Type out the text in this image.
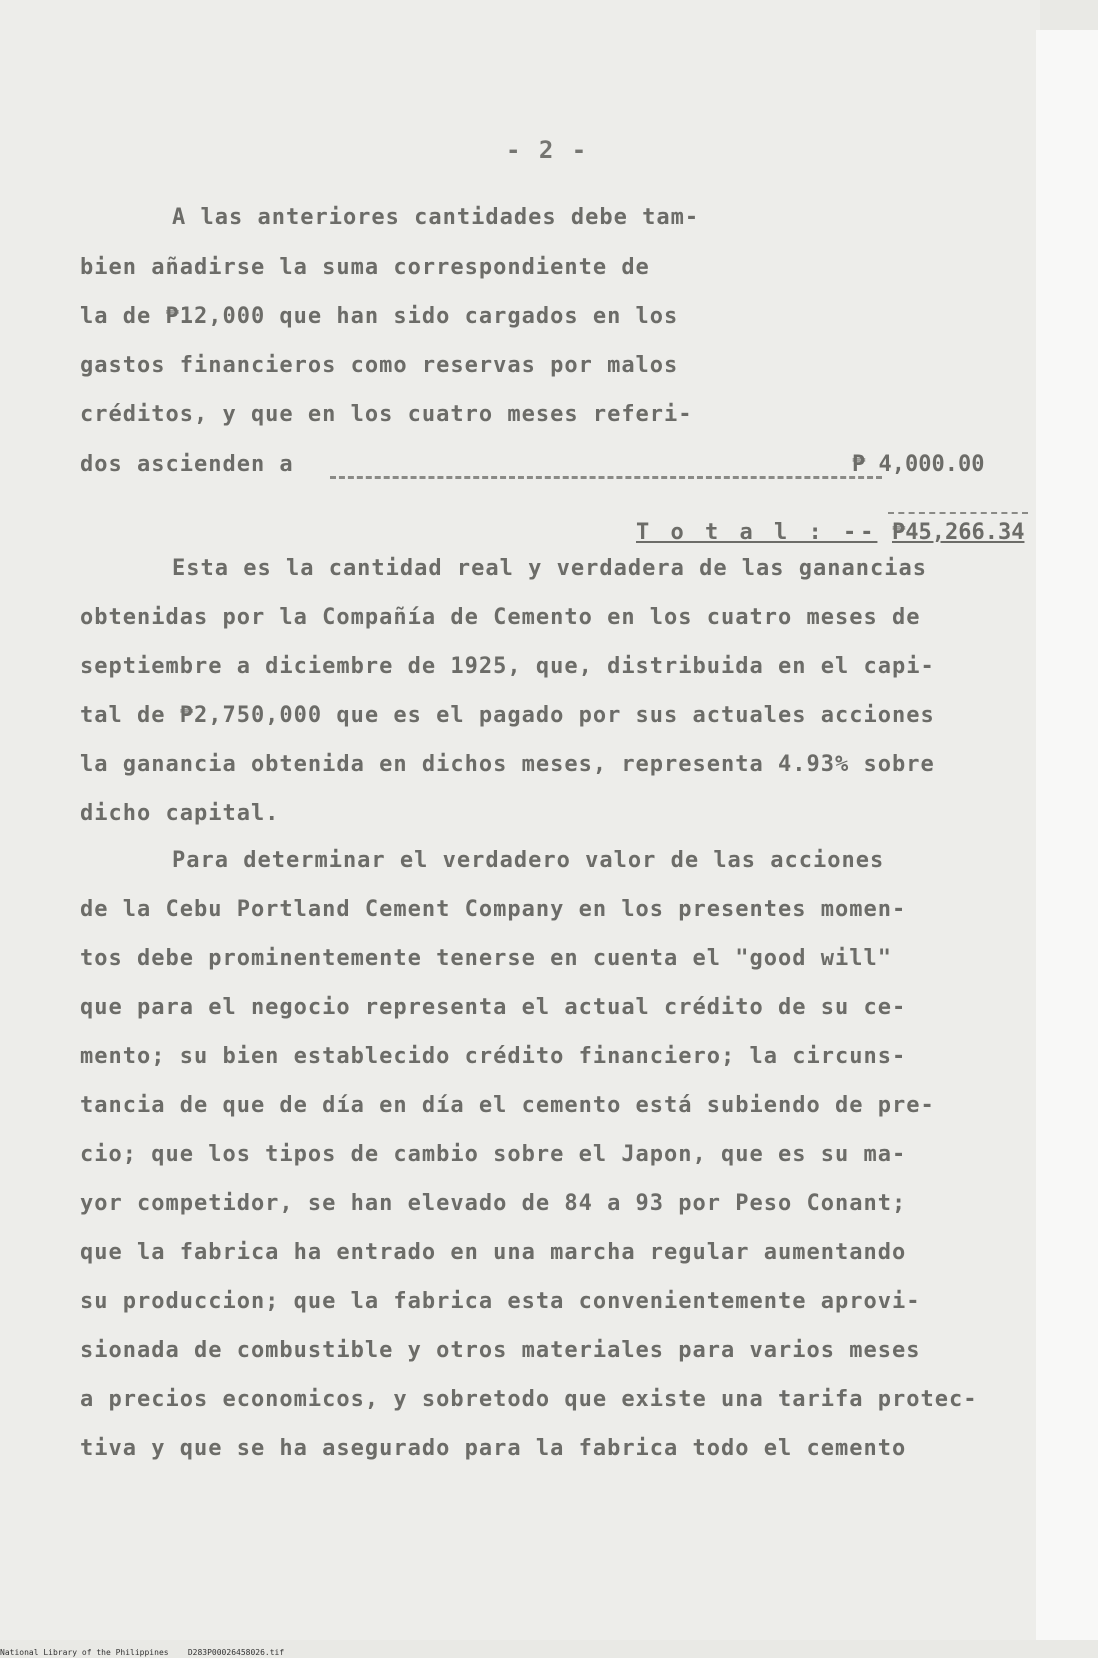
- 2 -
A las anteriores cantidades debe tam-
bien añadirse la suma correspondiente de
la de ₱12,000 que han sido cargados en los
gastos financieros como reservas por malos
créditos, y que en los cuatro meses referi-
dos ascienden a	₱ 4,000.00
T o t a l : -- ₱45,266.34
Esta es la cantidad real y verdadera de las ganancias
obtenidas por la Compañía de Cemento en los cuatro meses de
septiembre a diciembre de 1925, que, distribuida en el capi-
tal de ₱2,750,000 que es el pagado por sus actuales acciones
la ganancia obtenida en dichos meses, representa 4.93% sobre
dicho capital.
Para determinar el verdadero valor de las acciones
de la Cebu Portland Cement Company en los presentes momen-
tos debe prominentemente tenerse en cuenta el "good will"
que para el negocio representa el actual crédito de su ce-
mento; su bien establecido crédito financiero; la circuns-
tancia de que de día en día el cemento está subiendo de pre-
cio; que los tipos de cambio sobre el Japon, que es su ma-
yor competidor, se han elevado de 84 a 93 por Peso Conant;
que la fabrica ha entrado en una marcha regular aumentando
su produccion; que la fabrica esta convenientemente aprovi-
sionada de combustible y otros materiales para varios meses
a precios economicos, y sobretodo que existe una tarifa protec-
tiva y que se ha asegurado para la fabrica todo el cemento
National Library of the Philippines    D283P00026458026.tif
